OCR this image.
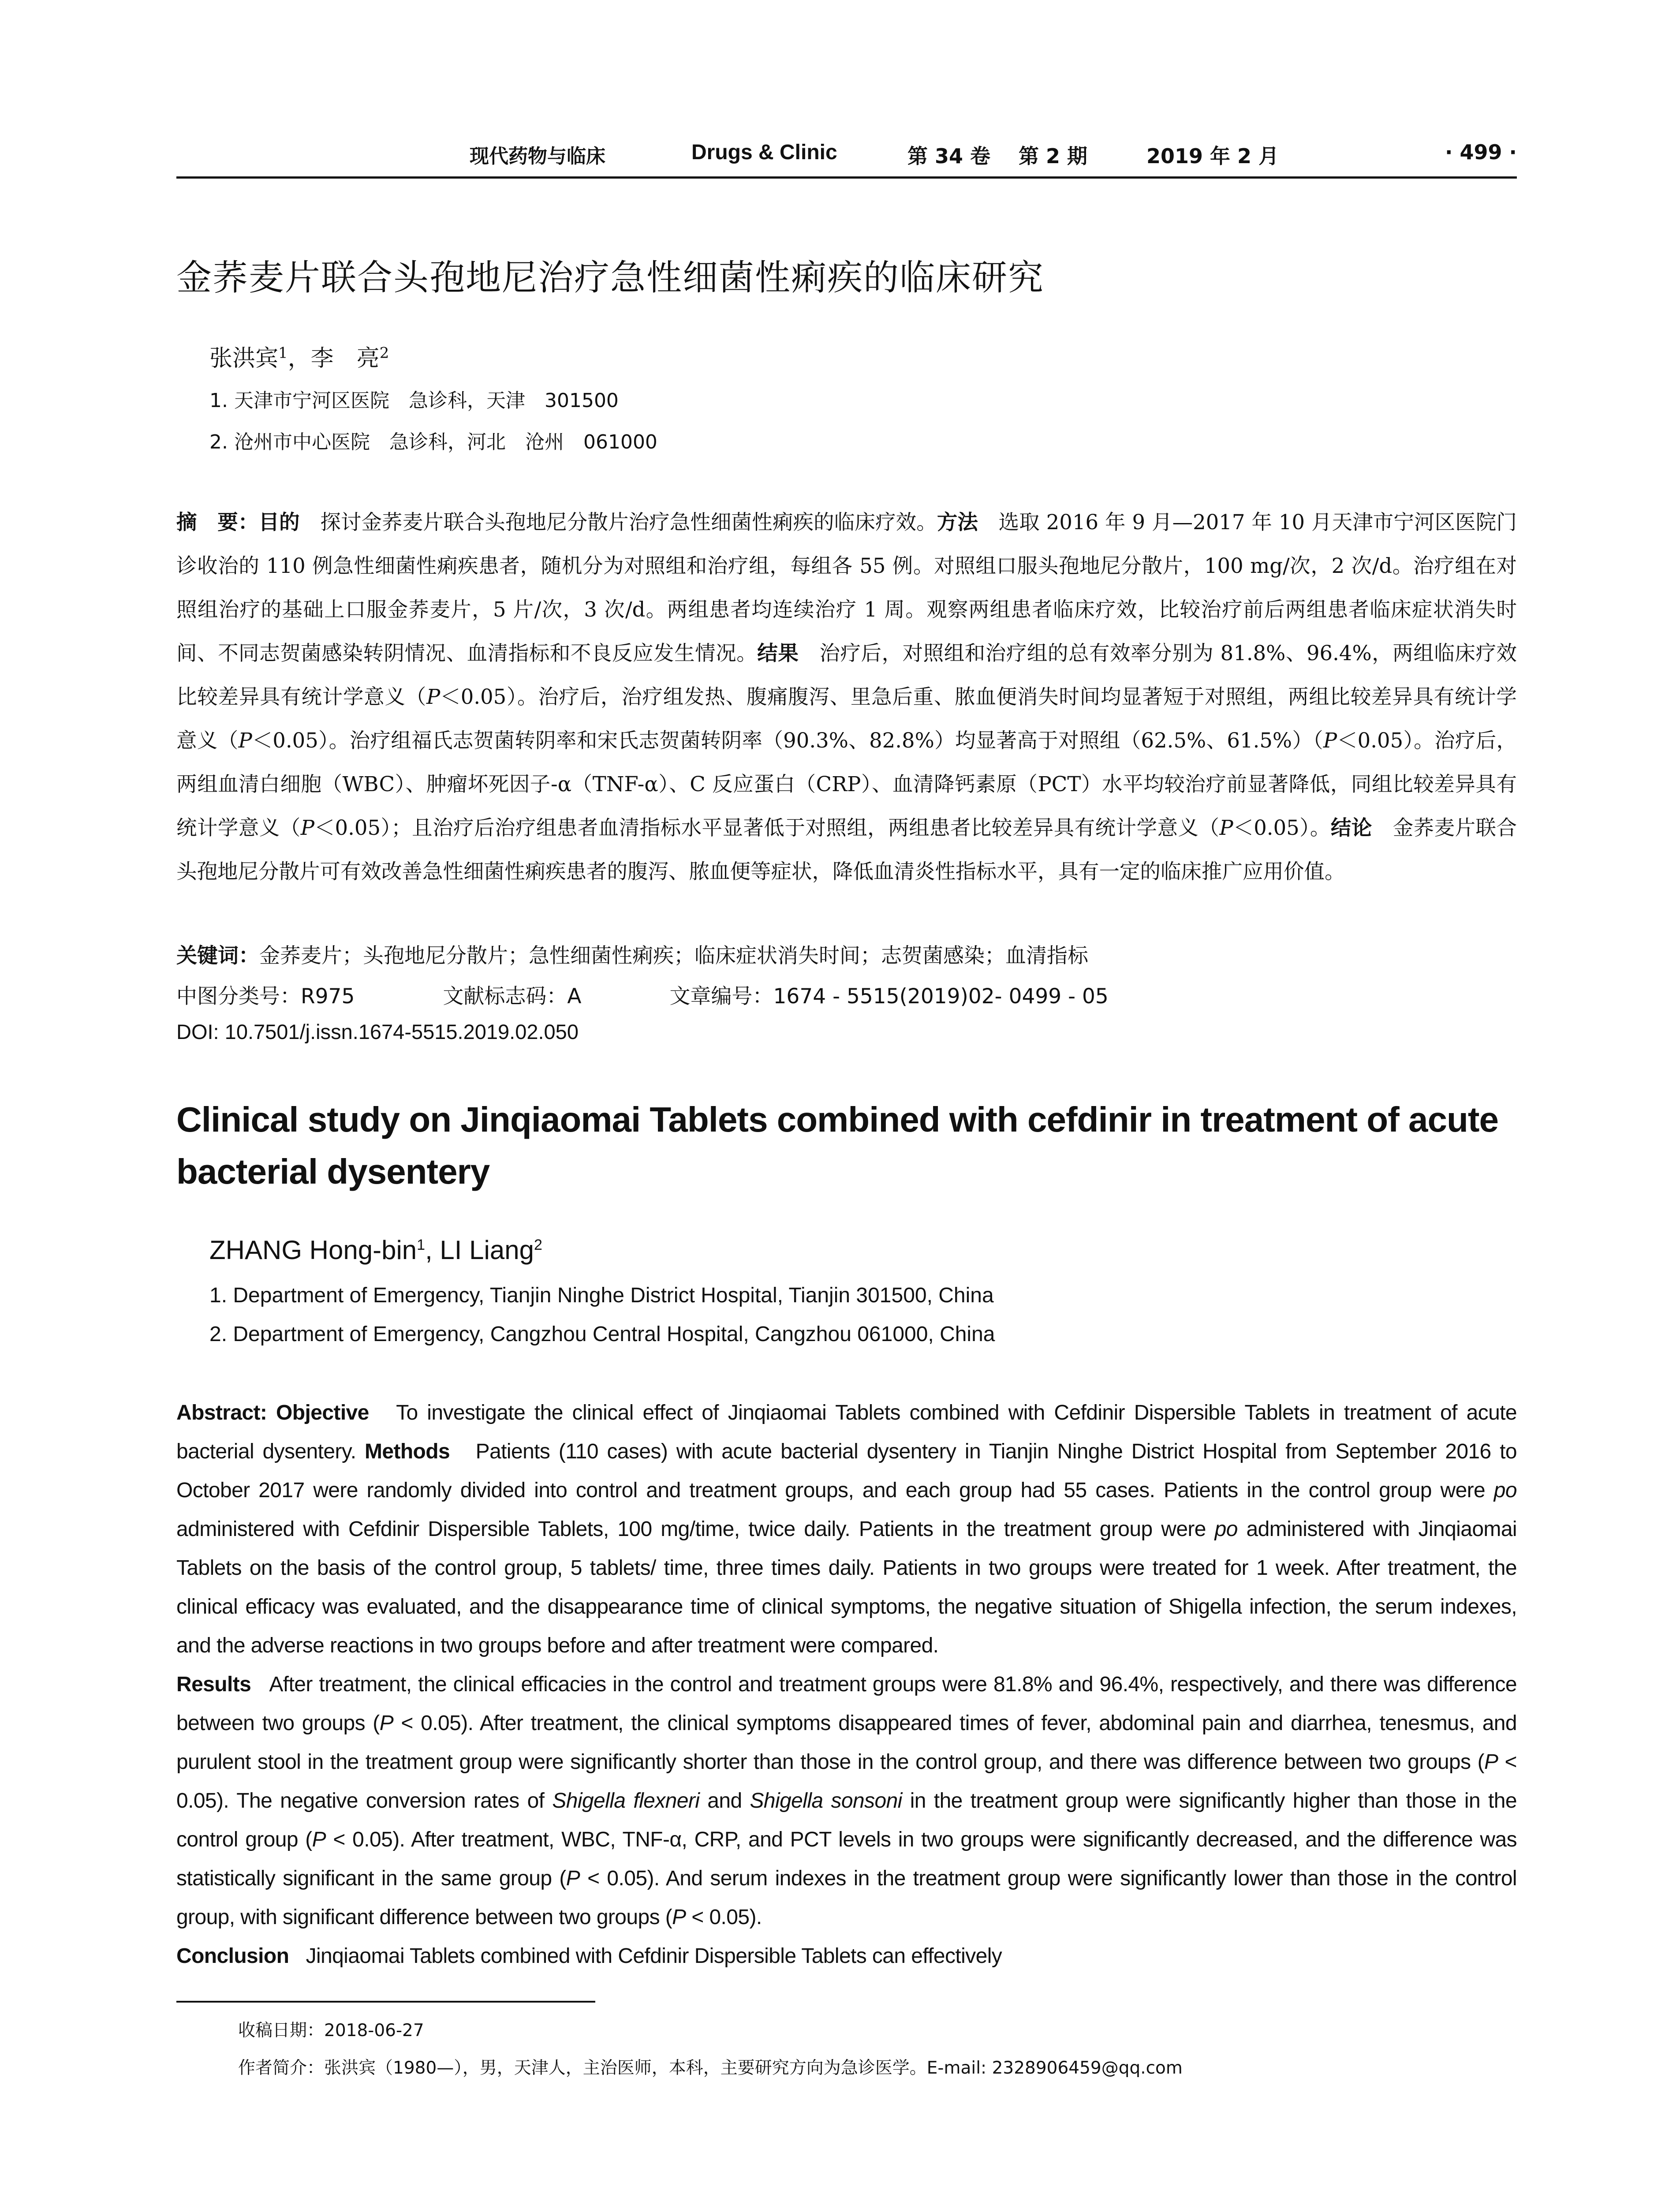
现代药物与临床	Drugs & Clinic	第 34 卷 第 2 期	2019 年 2 月	· 499 ·
金荞麦片联合头孢地尼治疗急性细菌性痢疾的临床研究
张洪宾$^1$，李　亮$^2$
1. 天津市宁河区医院　急诊科，天津　301500
2. 沧州市中心医院　急诊科，河北　沧州　061000
摘　要：目的　探讨金荞麦片联合头孢地尼分散片治疗急性细菌性痢疾的临床疗效。方法　选取 2016 年 9 月—2017 年 10 月天津市宁河区医院门诊收治的 110 例急性细菌性痢疾患者，随机分为对照组和治疗组，每组各 55 例。对照组口服头孢地尼分散片，100 mg/次，2 次/d。治疗组在对照组治疗的基础上口服金荞麦片，5 片/次，3 次/d。两组患者均连续治疗 1 周。观察两组患者临床疗效，比较治疗前后两组患者临床症状消失时间、不同志贺菌感染转阴情况、血清指标和不良反应发生情况。结果　治疗后，对照组和治疗组的总有效率分别为 81.8%、96.4%，两组临床疗效比较差异具有统计学意义（P＜0.05）。治疗后，治疗组发热、腹痛腹泻、里急后重、脓血便消失时间均显著短于对照组，两组比较差异具有统计学意义（P＜0.05）。治疗组福氏志贺菌转阴率和宋氏志贺菌转阴率（90.3%、82.8%）均显著高于对照组（62.5%、61.5%）（P＜0.05）。治疗后，两组血清白细胞（WBC）、肿瘤坏死因子-α（TNF-α）、C 反应蛋白（CRP）、血清降钙素原（PCT）水平均较治疗前显著降低，同组比较差异具有统计学意义（P＜0.05）；且治疗后治疗组患者血清指标水平显著低于对照组，两组患者比较差异具有统计学意义（P＜0.05）。结论　金荞麦片联合头孢地尼分散片可有效改善急性细菌性痢疾患者的腹泻、脓血便等症状，降低血清炎性指标水平，具有一定的临床推广应用价值。
关键词：金荞麦片；头孢地尼分散片；急性细菌性痢疾；临床症状消失时间；志贺菌感染；血清指标
中图分类号：R975	文献标志码：A	文章编号：1674 - 5515(2019)02- 0499 - 05
DOI: 10.7501/j.issn.1674-5515.2019.02.050
Clinical study on Jinqiaomai Tablets combined with cefdinir in treatment of acute bacterial dysentery
ZHANG Hong-bin$^1$, LI Liang$^2$
1. Department of Emergency, Tianjin Ninghe District Hospital, Tianjin 301500, China
2. Department of Emergency, Cangzhou Central Hospital, Cangzhou 061000, China
Abstract: Objective To investigate the clinical effect of Jinqiaomai Tablets combined with Cefdinir Dispersible Tablets in treatment of acute bacterial dysentery. Methods Patients (110 cases) with acute bacterial dysentery in Tianjin Ninghe District Hospital from September 2016 to October 2017 were randomly divided into control and treatment groups, and each group had 55 cases. Patients in the control group were po administered with Cefdinir Dispersible Tablets, 100 mg/time, twice daily. Patients in the treatment group were po administered with Jinqiaomai Tablets on the basis of the control group, 5 tablets/ time, three times daily. Patients in two groups were treated for 1 week. After treatment, the clinical efficacy was evaluated, and the disappearance time of clinical symptoms, the negative situation of Shigella infection, the serum indexes, and the adverse reactions in two groups before and after treatment were compared.
Results After treatment, the clinical efficacies in the control and treatment groups were 81.8% and 96.4%, respectively, and there was difference between two groups (P < 0.05). After treatment, the clinical symptoms disappeared times of fever, abdominal pain and diarrhea, tenesmus, and purulent stool in the treatment group were significantly shorter than those in the control group, and there was difference between two groups (P < 0.05). The negative conversion rates of Shigella flexneri and Shigella sonsoni in the treatment group were significantly higher than those in the control group (P < 0.05). After treatment, WBC, TNF-α, CRP, and PCT levels in two groups were significantly decreased, and the difference was statistically significant in the same group (P < 0.05). And serum indexes in the treatment group were significantly lower than those in the control group, with significant difference between two groups (P < 0.05).
Conclusion Jinqiaomai Tablets combined with Cefdinir Dispersible Tablets can effectively
收稿日期：2018-06-27
作者简介：张洪宾（1980—），男，天津人，主治医师，本科，主要研究方向为急诊医学。E-mail: 2328906459@qq.com
